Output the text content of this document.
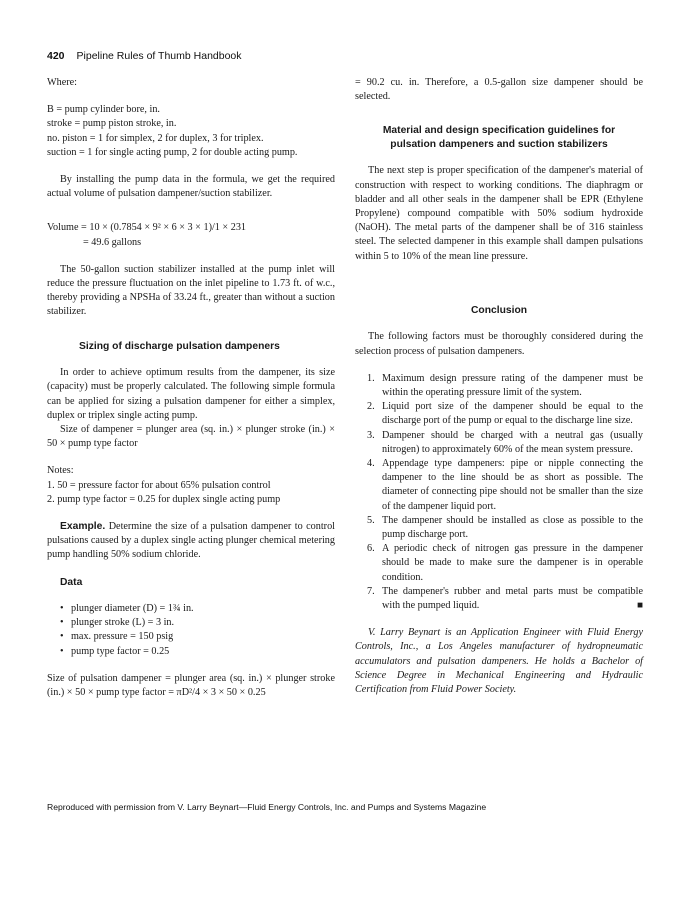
420 Pipeline Rules of Thumb Handbook

Where:

B = pump cylinder bore, in.

stroke = pump piston stroke, in.

no. piston = 1 for simplex, 2 for duplex, 3 for triplex.

suction = 1 for single acting pump, 2 for double acting pump.

By installing the pump data in the formula, we get the required actual volume of pulsation dampener/suction stabilizer.

Volume = 10 × (0.7854 × 9² × 6 × 3 × 1)/1 × 231

= 49.6 gallons

The 50-gallon suction stabilizer installed at the pump inlet will reduce the pressure fluctuation on the inlet pipeline to 1.73 ft. of w.c., thereby providing a NPSHa of 33.24 ft., greater than without a suction stabilizer.

Sizing of discharge pulsation dampeners

In order to achieve optimum results from the dampener, its size (capacity) must be properly calculated. The following simple formula can be applied for sizing a pulsation dampener for either a simplex, duplex or triplex single acting pump.

Size of dampener = plunger area (sq. in.) × plunger stroke (in.) × 50 × pump type factor

Notes:

1. 50 = pressure factor for about 65% pulsation control

2. pump type factor = 0.25 for duplex single acting pump

Example. Determine the size of a pulsation dampener to control pulsations caused by a duplex single acting plunger chemical metering pump handling 50% sodium chloride.

Data
• plunger diameter (D) = 1¾ in.
• plunger stroke (L) = 3 in.
• max. pressure = 150 psig
• pump type factor = 0.25

Size of pulsation dampener = plunger area (sq. in.) × plunger stroke (in.) × 50 × pump type factor = πD²/4 × 3 × 50 × 0.25

= 90.2 cu. in. Therefore, a 0.5-gallon size dampener should be selected.

Material and design specification guidelines for
pulsation dampeners and suction stabilizers

The next step is proper specification of the dampener's material of construction with respect to working conditions. The diaphragm or bladder and all other seals in the dampener shall be EPR (Ethylene Propylene) compound compatible with 50% sodium hydroxide (NaOH). The metal parts of the dampener shall be of 316 stainless steel. The selected dampener in this example shall dampen pulsations within 5 to 10% of the mean line pressure.

Conclusion

The following factors must be thoroughly considered during the selection process of pulsation dampeners.

1. Maximum design pressure rating of the dampener must be within the operating pressure limit of the system.
2. Liquid port size of the dampener should be equal to the discharge port of the pump or equal to the discharge line size.
3. Dampener should be charged with a neutral gas (usually nitrogen) to approximately 60% of the mean system pressure.
4. Appendage type dampeners: pipe or nipple connecting the dampener to the line should be as short as possible. The diameter of connecting pipe should not be smaller than the size of the dampener liquid port.
5. The dampener should be installed as close as possible to the pump discharge port.
6. A periodic check of nitrogen gas pressure in the dampener should be made to make sure the dampener is in operable condition.
7. The dampener's rubber and metal parts must be compatible with the pumped liquid.	■

V. Larry Beynart is an Application Engineer with Fluid Energy Controls, Inc., a Los Angeles manufacturer of hydropneumatic accumulators and pulsation dampeners. He holds a Bachelor of Science Degree in Mechanical Engineering and Hydraulic Certification from Fluid Power Society.

Reproduced with permission from V. Larry Beynart—Fluid Energy Controls, Inc. and Pumps and Systems Magazine
